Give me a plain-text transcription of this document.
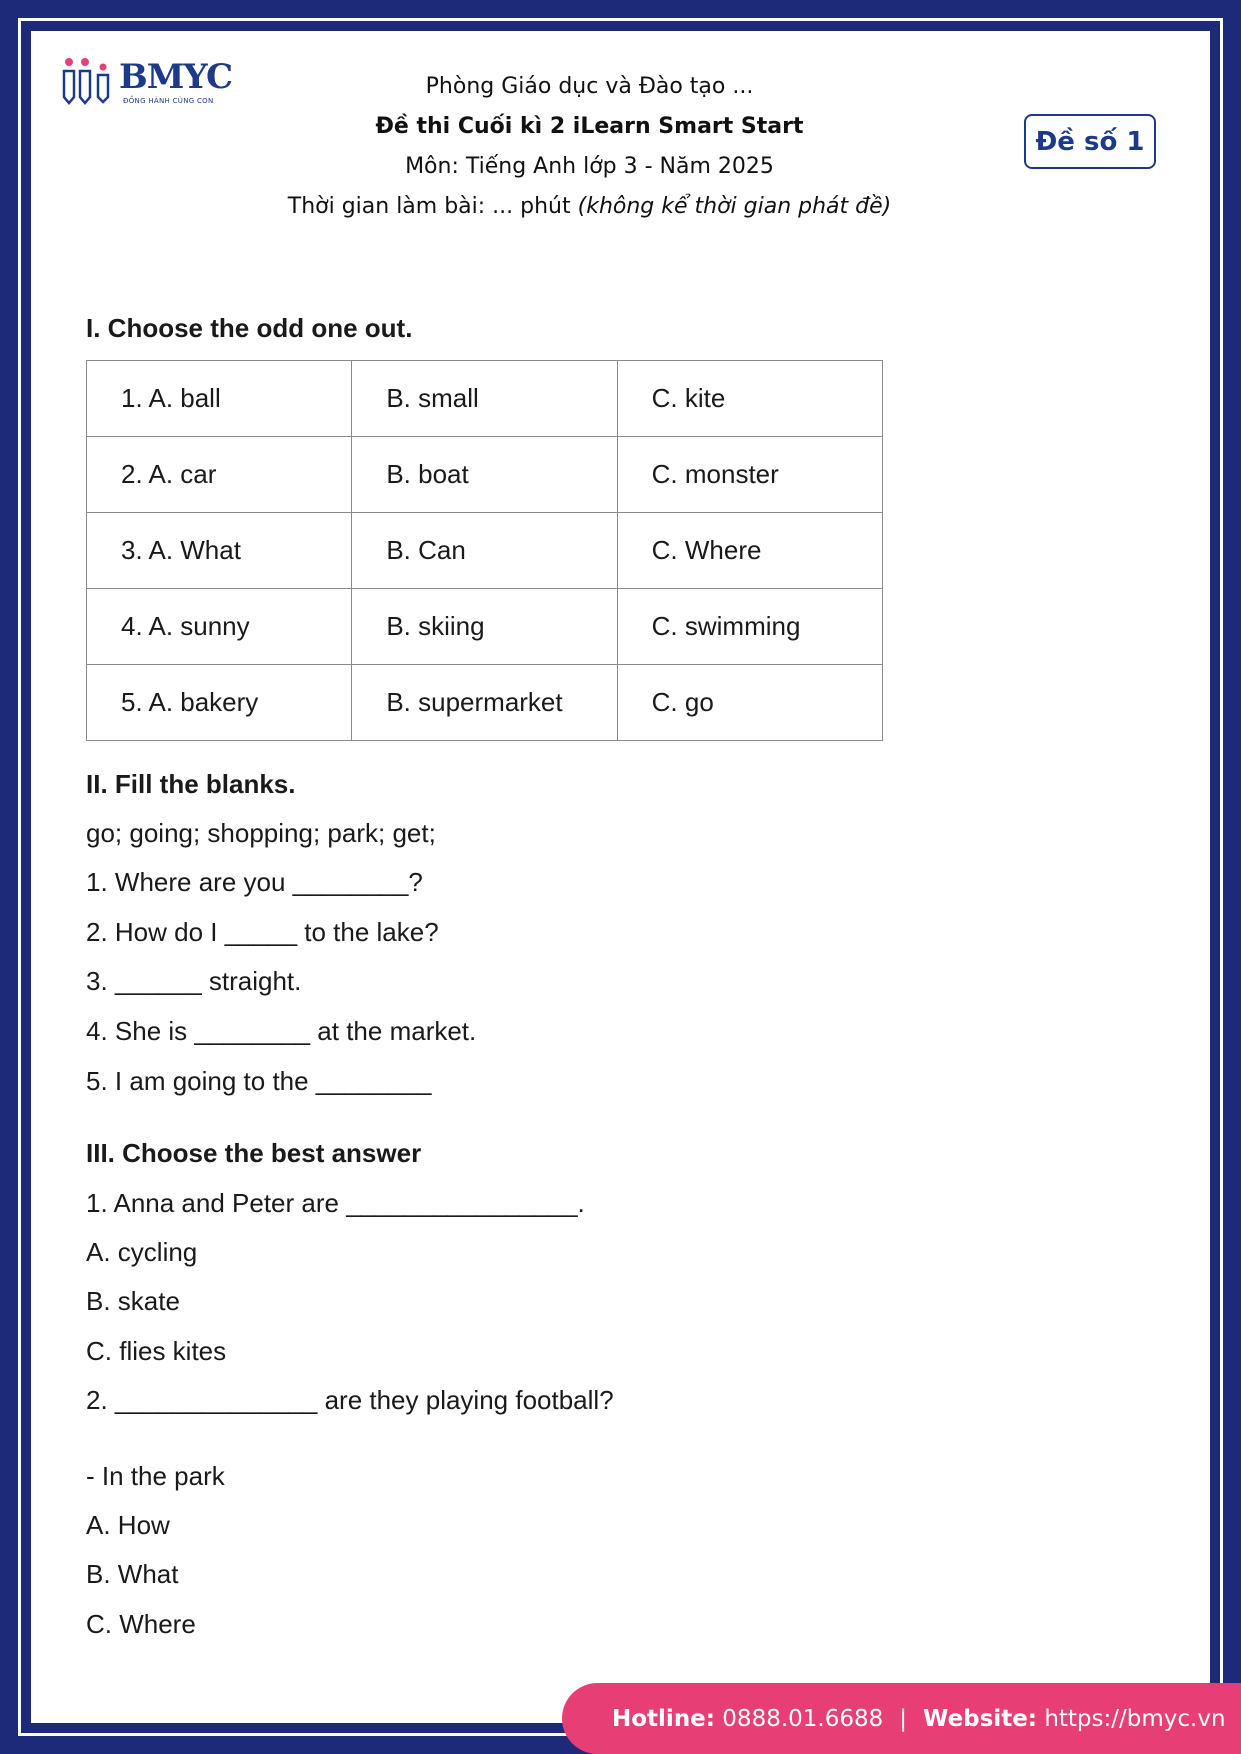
BMYC
ĐỒNG HÀNH CÙNG CON
Phòng Giáo dục và Đào tạo ...
Đề thi Cuối kì 2 iLearn Smart Start
Môn: Tiếng Anh lớp 3 - Năm 2025
Thời gian làm bài: ... phút (không kể thời gian phát đề)
Đề số 1
I. Choose the odd one out.
II. Fill the blanks.
go; going; shopping; park; get;
1. Where are you ________?
2. How do I _____ to the lake?
3. ______ straight.
4. She is ________ at the market.
5. I am going to the ________
III. Choose the best answer
1. Anna and Peter are ________________.
A. cycling
B. skate
C. flies kites
2. ______________ are they playing football?
- In the park
A. How
B. What
C. Where
1. A. ball	B. small	C. kite
2. A. car	B. boat	C. monster
3. A. What	B. Can	C. Where
4. A. sunny	B. skiing	C. swimming
5. A. bakery	B. supermarket	C. go
Hotline:
0888.01.6688 | Website:
https://bmyc.vn
